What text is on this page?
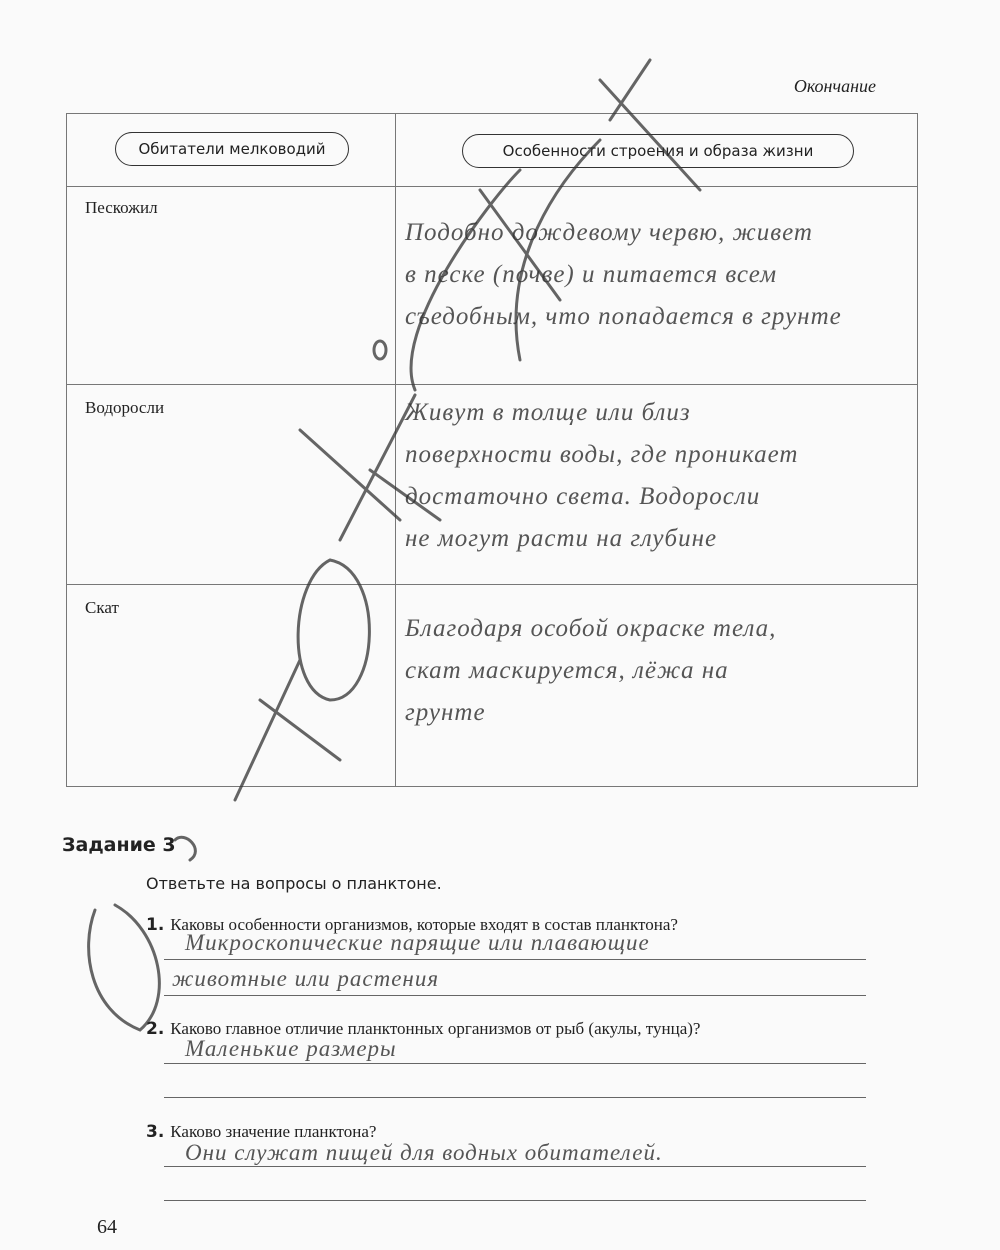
Окончание
Обитатели мелководий	Особенности строения и образа жизни
Пескожил
Подобно дождевому червю, живет
в песке (почве) и питается всем
съедобным, что попадается в грунте
Водоросли	Живут в толще или близ
поверхности воды, где проникает
достаточно света. Водоросли
не могут расти на глубине
Скат
Благодаря особой окраске тела,
скат маскируется, лёжа на
грунте
Задание 3
Ответьте на вопросы о планктоне.
1. Каковы особенности организмов, которые входят в состав планктона?
Микроскопические парящие или плавающие
животные или растения
2. Каково главное отличие планктонных организмов от рыб (акулы, тунца)?
Маленькие размеры
3. Каково значение планктона?
Они служат пищей для водных обитателей.
64
